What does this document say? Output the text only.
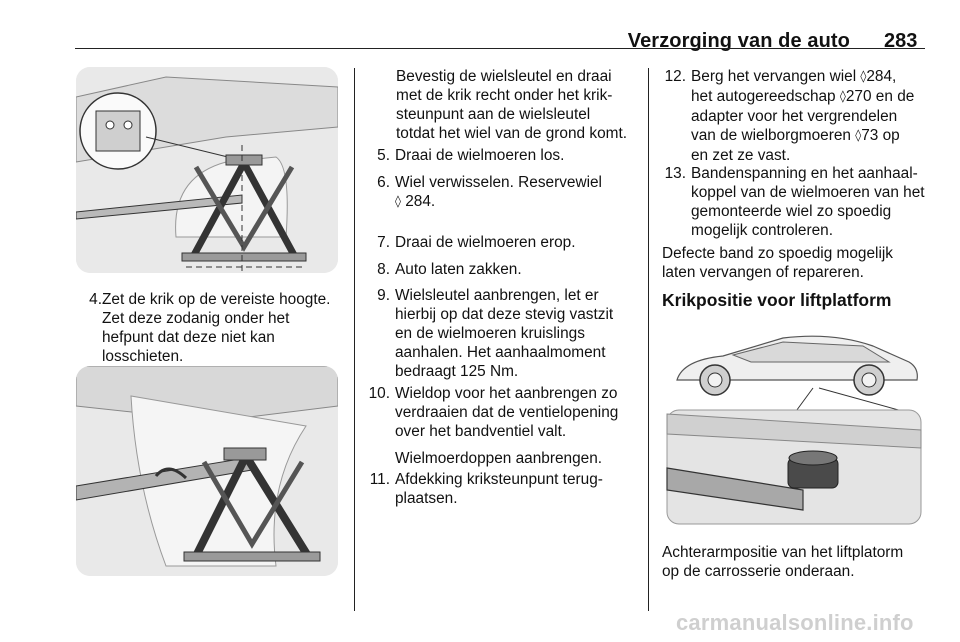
Verzorging van de auto 283
4. Zet de krik op de vereiste hoogte.
Zet deze zodanig onder het
hefpunt dat deze niet kan
losschieten.
Bevestig de wielsleutel en draai
met de krik recht onder het krik-
steunpunt aan de wielsleutel
totdat het wiel van de grond komt.
5. Draai de wielmoeren los.
6. Wiel verwisselen. Reservewiel
◊ 284.
7. Draai de wielmoeren erop.
8. Auto laten zakken.
9. Wielsleutel aanbrengen, let er
hierbij op dat deze stevig vastzit
en de wielmoeren kruislings
aanhalen. Het aanhaalmoment
bedraagt 125 Nm.
10. Wieldop voor het aanbrengen zo
verdraaien dat de ventielopening
over het bandventiel valt.
Wielmoerdoppen aanbrengen.
11. Afdekking kriksteunpunt terug-
plaatsen.
12. Berg het vervangen wiel ◊284,
het autogereedschap ◊270 en de
adapter voor het vergrendelen
van de wielborgmoeren ◊73 op
en zet ze vast.
13. Bandenspanning en het aanhaal-
koppel van de wielmoeren van het
gemonteerde wiel zo spoedig
mogelijk controleren.
Defecte band zo spoedig mogelijk
laten vervangen of repareren.
Krikpositie voor liftplatform
Achterarmpositie van het liftplatorm
op de carrosserie onderaan.
carmanualsonline.info
